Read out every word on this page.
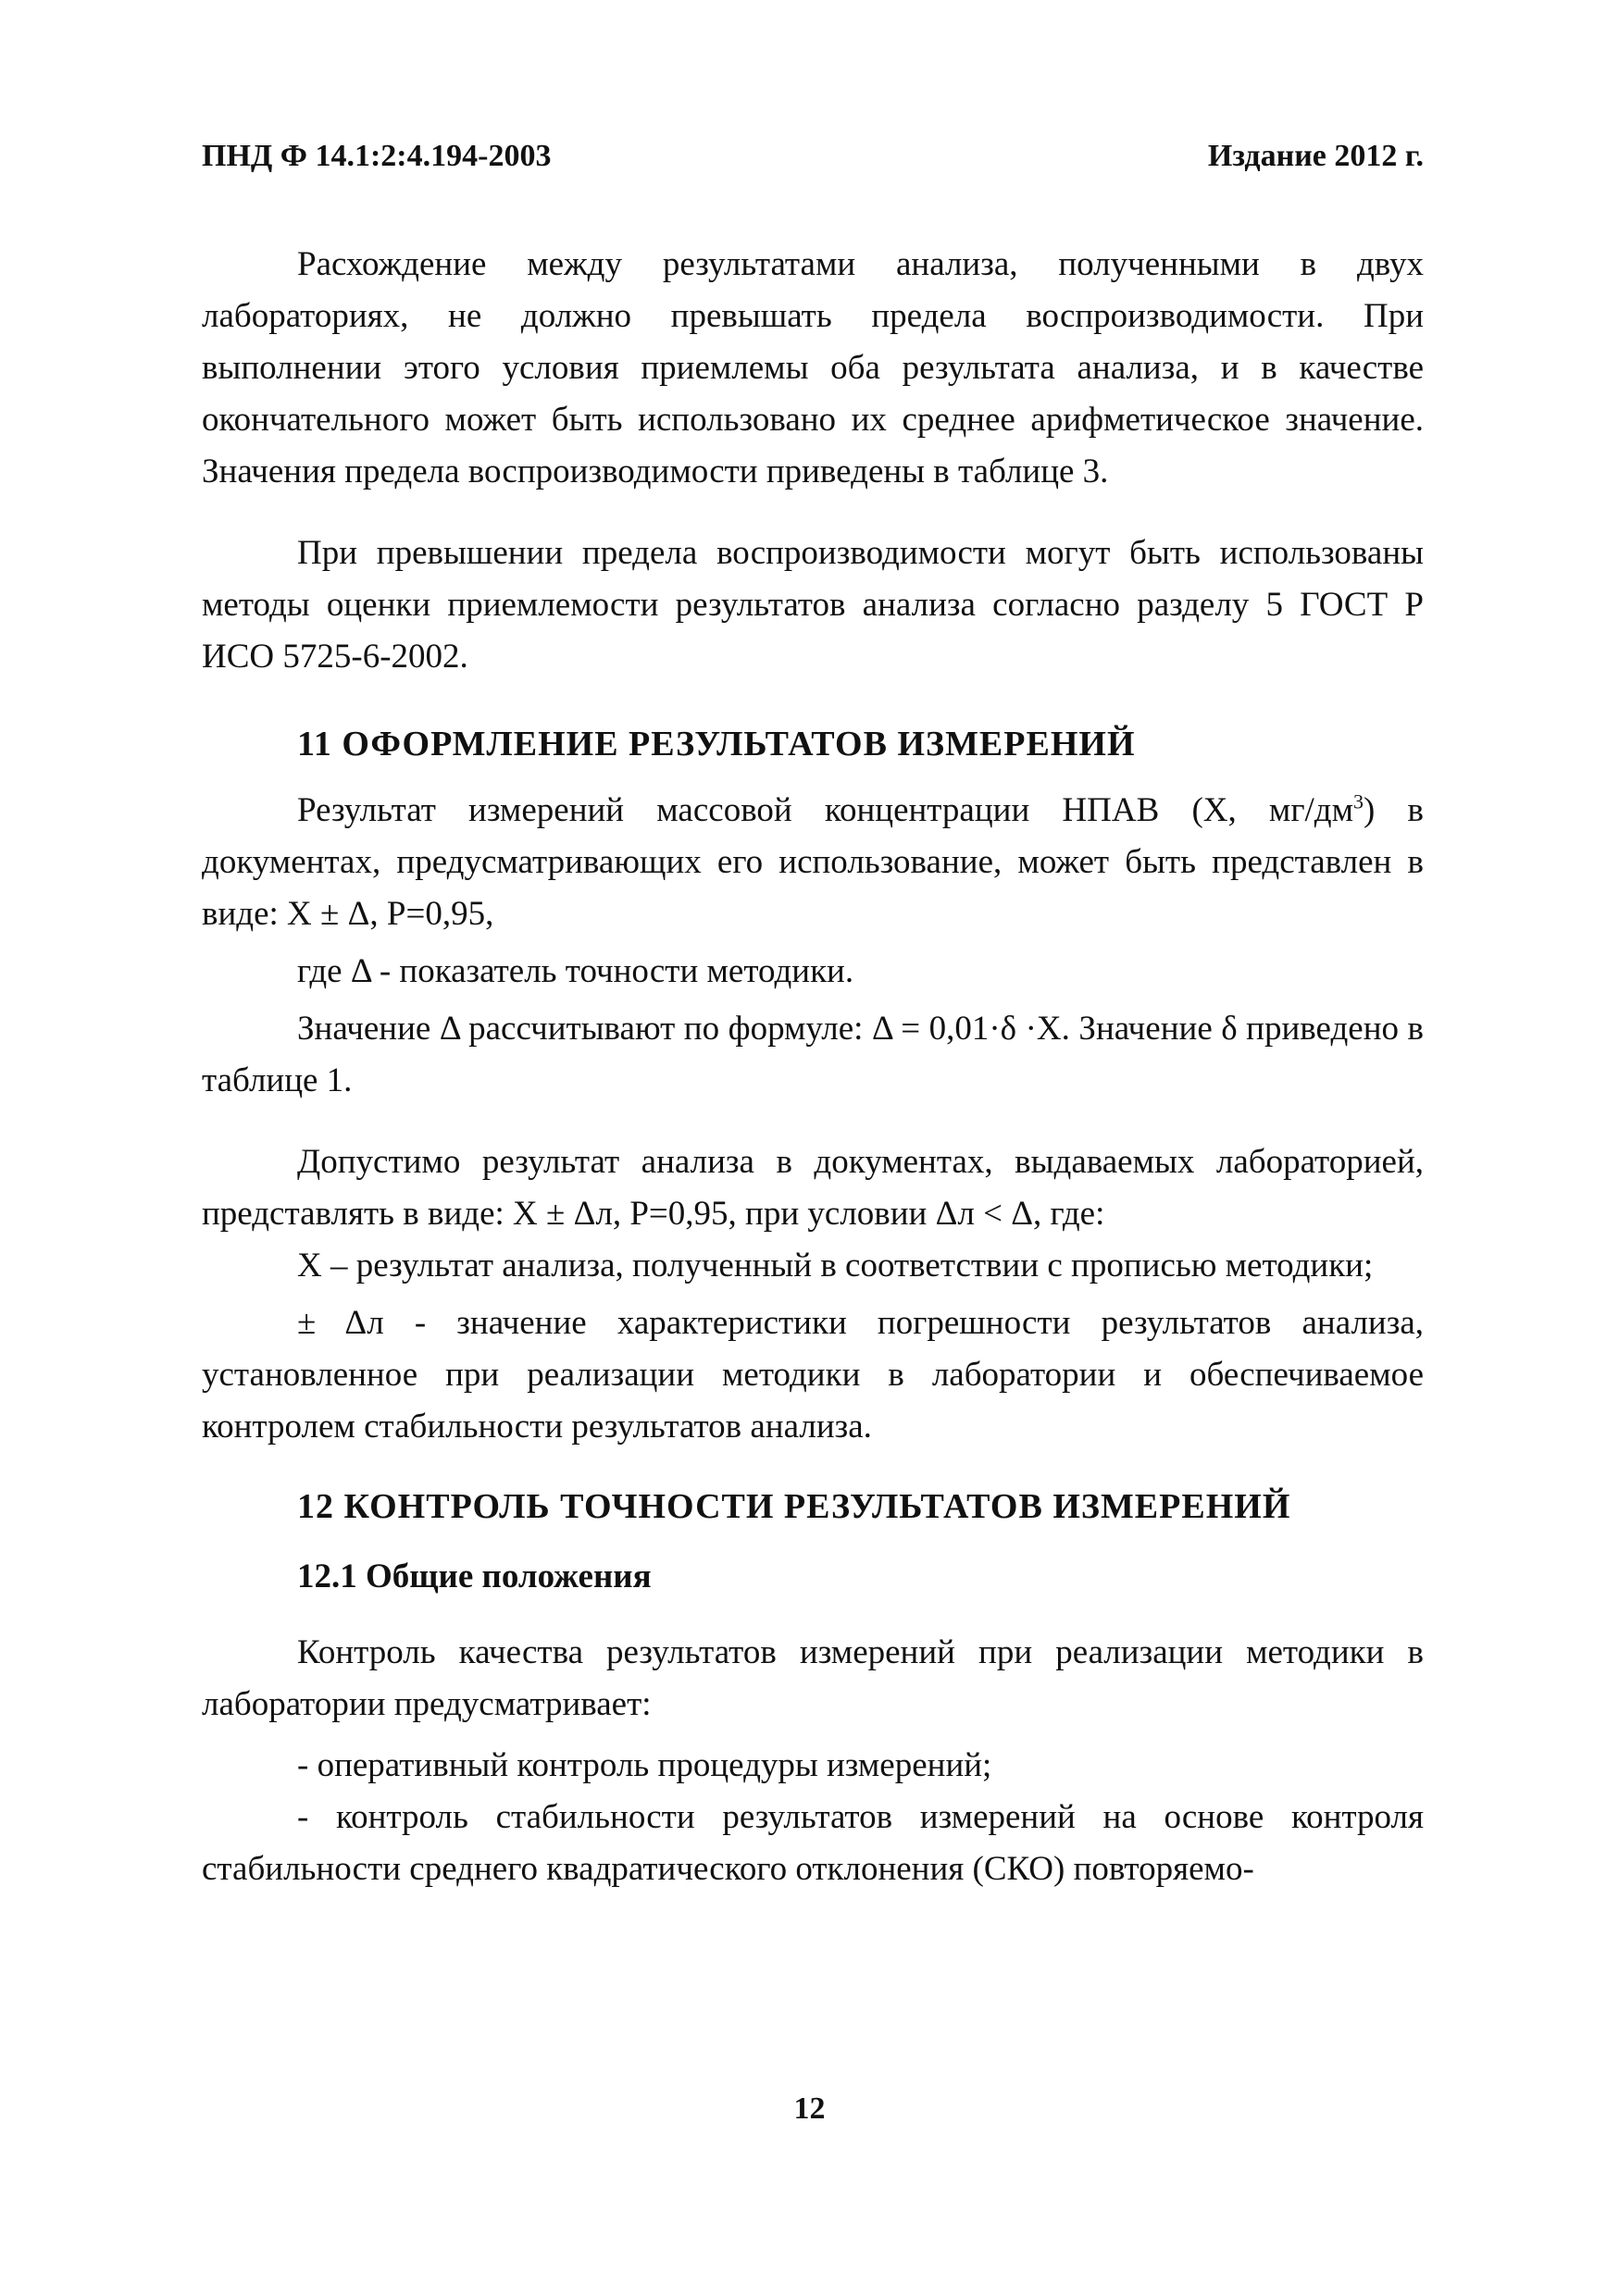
ПНД Ф 14.1:2:4.194-2003	Издание 2012 г.

Расхождение между результатами анализа, полученными в двух лабораториях, не должно превышать предела воспроизводимости. При выполнении этого условия приемлемы оба результата анализа, и в качестве окончательного может быть использовано их среднее арифметическое значение. Значения предела воспроизводимости приведены в таблице 3.

При превышении предела воспроизводимости могут быть использованы методы оценки приемлемости результатов анализа согласно разделу 5 ГОСТ Р ИСО 5725-6-2002.

11 ОФОРМЛЕНИЕ РЕЗУЛЬТАТОВ ИЗМЕРЕНИЙ

Результат измерений массовой концентрации НПАВ (Х, $мг/дм^3$) в документах, предусматривающих его использование, может быть представлен в виде: Х ± Δ, Р=0,95,

где Δ - показатель точности методики.

Значение Δ рассчитывают по формуле: Δ = 0,01·δ ·Х. Значение δ приведено в таблице 1.

Допустимо результат анализа в документах, выдаваемых лабораторией, представлять в виде: Х ± Δл, Р=0,95, при условии Δл < Δ, где:

Х – результат анализа, полученный в соответствии с прописью методики;

± Δл - значение характеристики погрешности результатов анализа, установленное при реализации методики в лаборатории и обеспечиваемое контролем стабильности результатов анализа.

12 КОНТРОЛЬ ТОЧНОСТИ РЕЗУЛЬТАТОВ ИЗМЕРЕНИЙ
12.1 Общие положения

Контроль качества результатов измерений при реализации методики в лаборатории предусматривает:

- оперативный контроль процедуры измерений;

- контроль стабильности результатов измерений на основе контроля стабильности среднего квадратического отклонения (СКО) повторяемо-

12
